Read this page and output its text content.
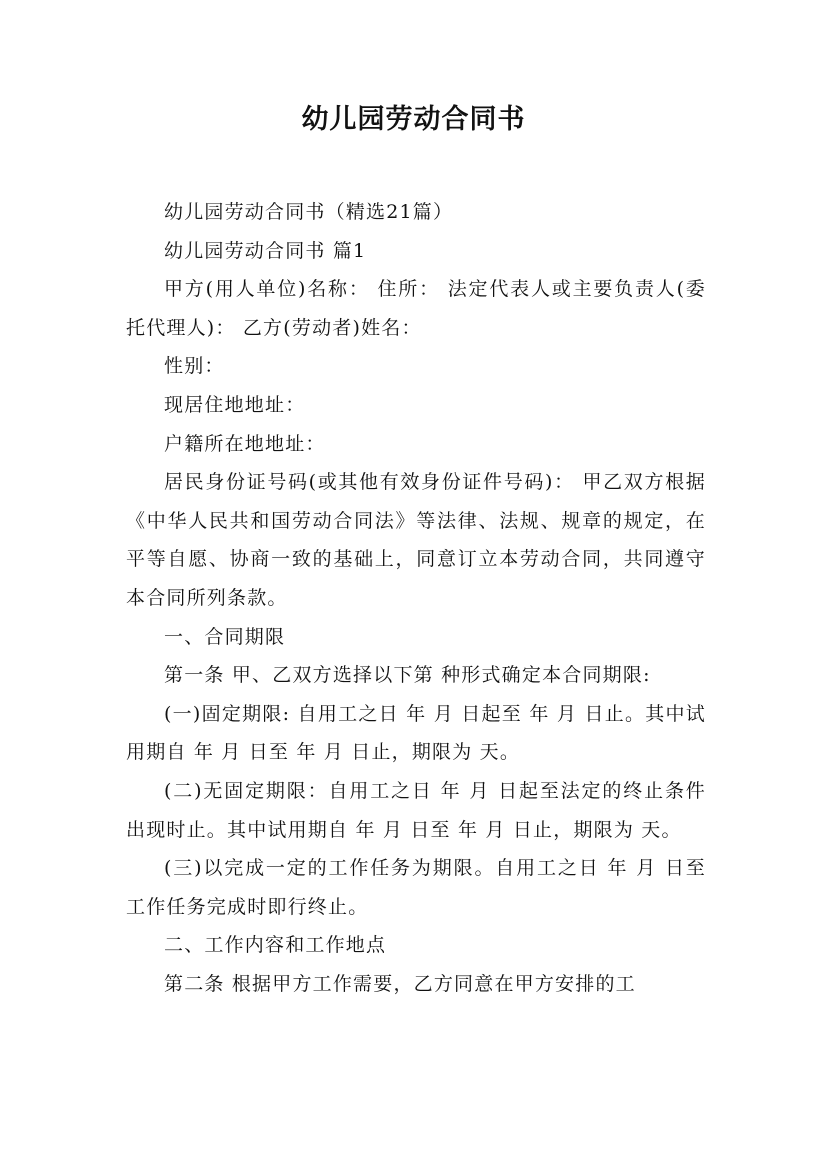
幼儿园劳动合同书

幼儿园劳动合同书（精选21篇）

幼儿园劳动合同书 篇1

甲方(用人单位)名称： 住所： 法定代表人或主要负责人(委托代理人)： 乙方(劳动者)姓名：

性别：

现居住地地址：

户籍所在地地址：

居民身份证号码(或其他有效身份证件号码)： 甲乙双方根据《中华人民共和国劳动合同法》等法律、法规、规章的规定，在平等自愿、协商一致的基础上，同意订立本劳动合同，共同遵守本合同所列条款。

一、合同期限

第一条 甲、乙双方选择以下第 种形式确定本合同期限:

(一)固定期限: 自用工之日 年 月 日起至 年 月 日止。其中试用期自 年 月 日至 年 月 日止，期限为 天。

(二)无固定期限：自用工之日 年 月 日起至法定的终止条件出现时止。其中试用期自 年 月 日至 年 月 日止，期限为 天。

(三)以完成一定的工作任务为期限。自用工之日 年 月 日至 工作任务完成时即行终止。

二、工作内容和工作地点

第二条 根据甲方工作需要，乙方同意在甲方安排的工
